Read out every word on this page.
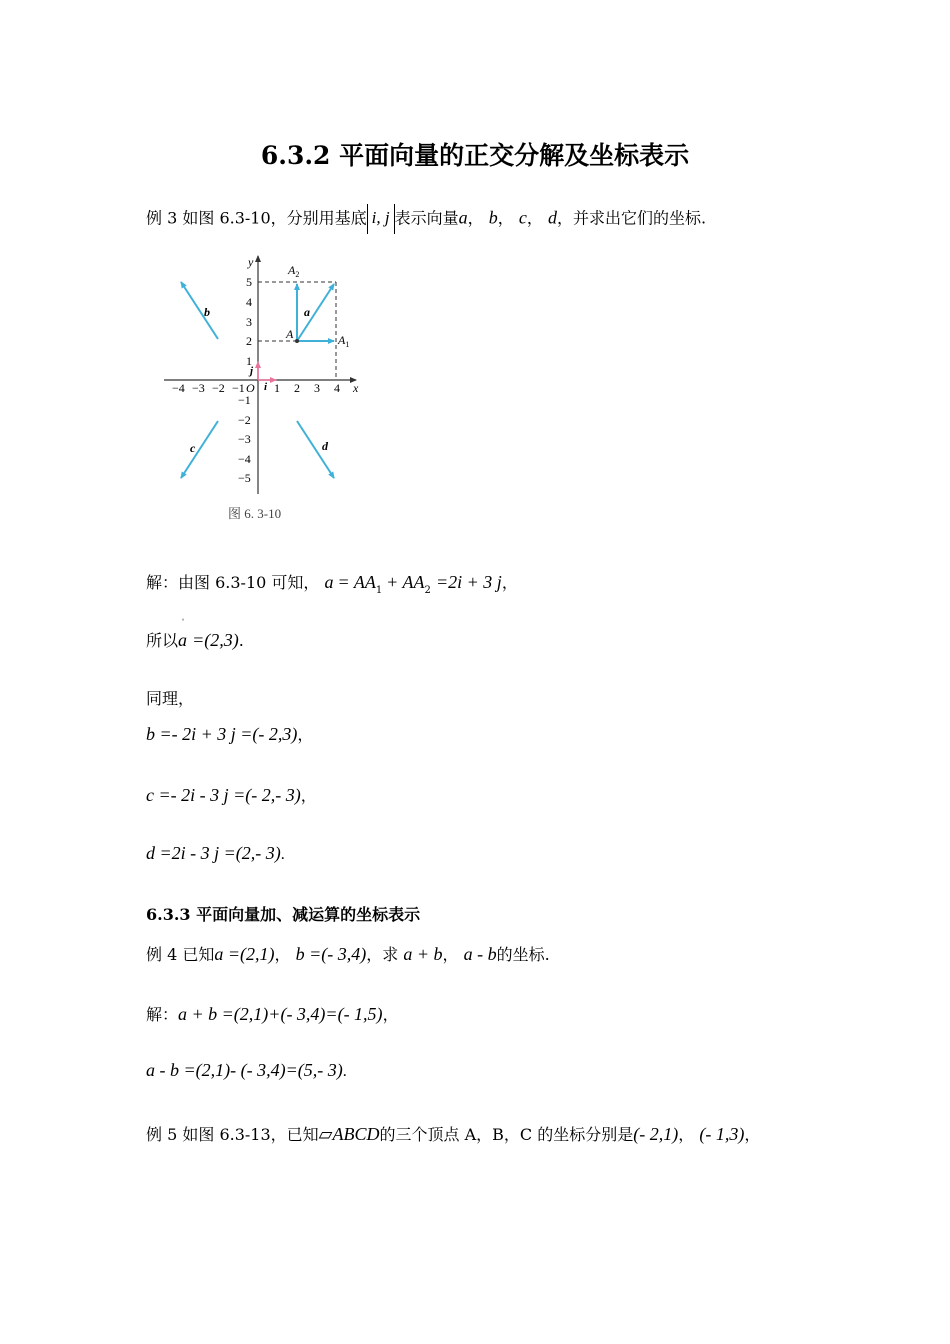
6.3.2 平面向量的正交分解及坐标表示
例 3 如图 6.3-10，分别用基底 i, j 表示向量a， b， c， d，并求出它们的坐标.
x
y
−4 −3 −2 −1 O 1 2 3 4
1
2
3
4
5
−1
−2
−3
−4
−5
A	$A_1$
$A_2$
a
b
c	d
i
j
图 6. 3-10
解：由图 6.3-10 可知， $a = AA_1 + AA_2 =2i + 3$ j，
所以
ˈ
a =(2,3).
同理，
b =- 2i + 3 j =(- 2,3)，
c =- 2i - 3 j =(- 2,- 3)，
d =2i - 3 j =(2,- 3).
6.3.3 平面向量加、减运算的坐标表示
例 4 已知a =(2,1)， b =(- 3,4)，求 a + b， a - b的坐标.
解：a + b =(2,1)+(- 3,4)=(- 1,5)，
a - b =(2,1)- (- 3,4)=(5,- 3).
例 5 如图 6.3-13，已知▱ABCD的三个顶点 A，B，C 的坐标分别是(- 2,1)， (- 1,3)，
